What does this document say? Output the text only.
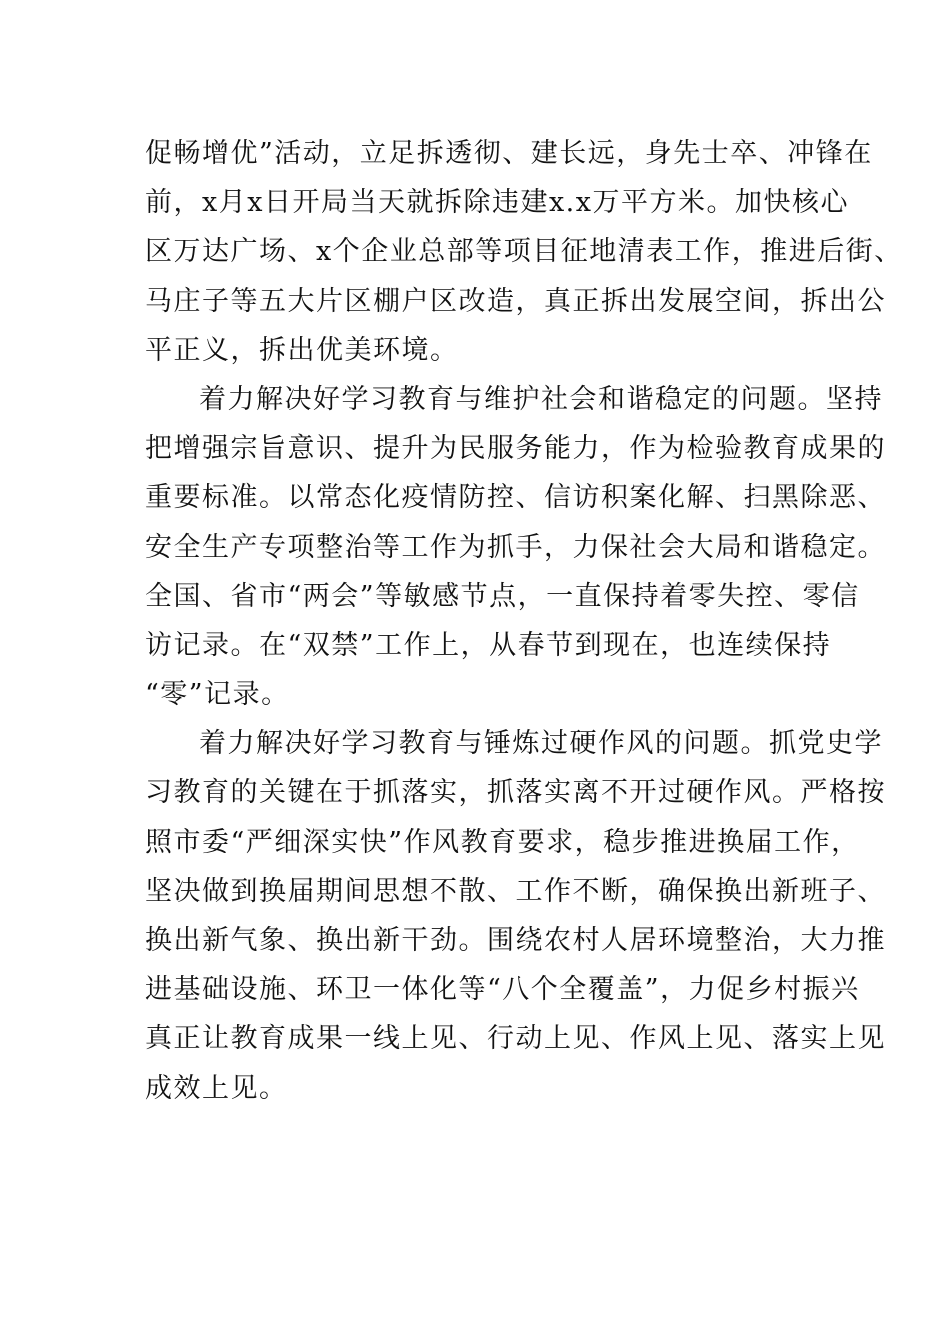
促畅增优”活动，立足拆透彻、建长远，身先士卒、冲锋在
前，x月x日开局当天就拆除违建x.x万平方米。加快核心
区万达广场、x个企业总部等项目征地清表工作，推进后街、
马庄子等五大片区棚户区改造，真正拆出发展空间，拆出公
平正义，拆出优美环境。
着力解决好学习教育与维护社会和谐稳定的问题。坚持
把增强宗旨意识、提升为民服务能力，作为检验教育成果的
重要标准。以常态化疫情防控、信访积案化解、扫黑除恶、
安全生产专项整治等工作为抓手，力保社会大局和谐稳定。
全国、省市“两会”等敏感节点，一直保持着零失控、零信
访记录。在“双禁”工作上，从春节到现在，也连续保持
“零”记录。
着力解决好学习教育与锤炼过硬作风的问题。抓党史学
习教育的关键在于抓落实，抓落实离不开过硬作风。严格按
照市委“严细深实快”作风教育要求，稳步推进换届工作，
坚决做到换届期间思想不散、工作不断，确保换出新班子、
换出新气象、换出新干劲。围绕农村人居环境整治，大力推
进基础设施、环卫一体化等“八个全覆盖”，力促乡村振兴
真正让教育成果一线上见、行动上见、作风上见、落实上见
成效上见。
